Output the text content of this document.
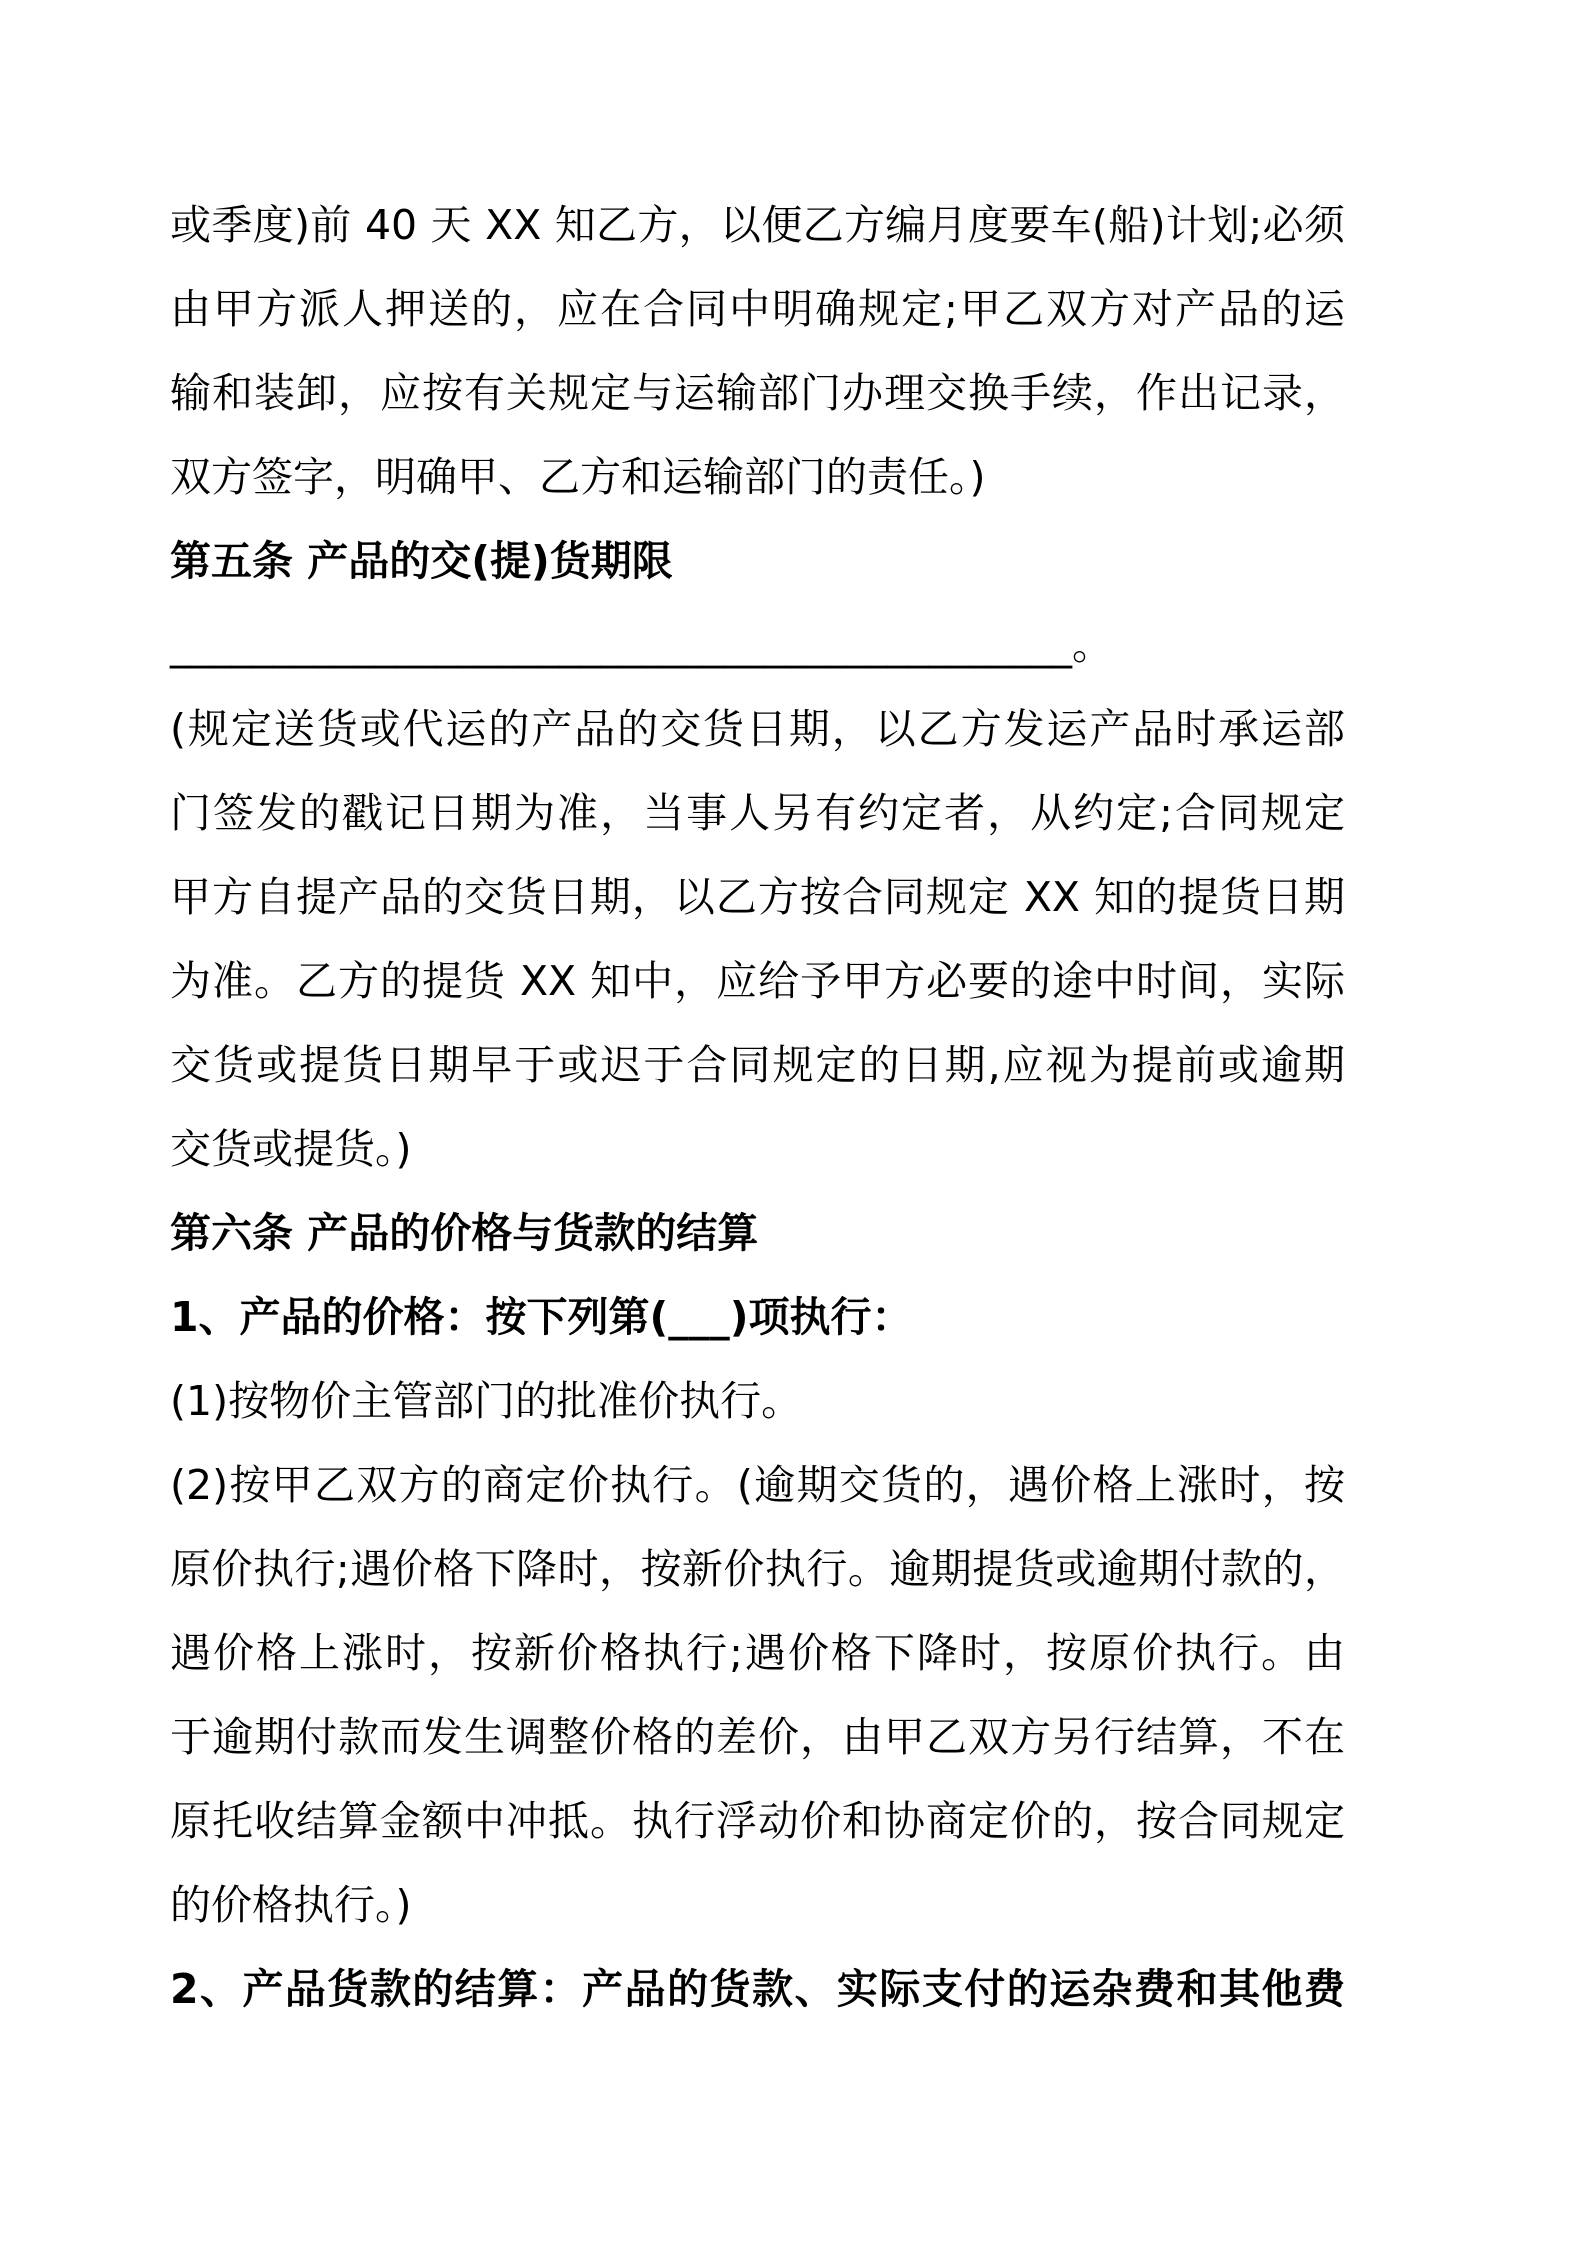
或季度)前 40 天 XX 知乙方，以便乙方编月度要车(船)计划;必须
由甲方派人押送的，应在合同中明确规定;甲乙双方对产品的运
输和装卸，应按有关规定与运输部门办理交换手续，作出记录，
双方签字，明确甲、乙方和运输部门的责任。)
第五条 产品的交(提)货期限
____________________________________________。
(规定送货或代运的产品的交货日期，以乙方发运产品时承运部
门签发的戳记日期为准，当事人另有约定者，从约定;合同规定
甲方自提产品的交货日期，以乙方按合同规定 XX 知的提货日期
为准。乙方的提货 XX 知中，应给予甲方必要的途中时间，实际
交货或提货日期早于或迟于合同规定的日期,应视为提前或逾期
交货或提货。)
第六条 产品的价格与货款的结算
1、产品的价格：按下列第(___)项执行：
(1)按物价主管部门的批准价执行。
(2)按甲乙双方的商定价执行。(逾期交货的，遇价格上涨时，按
原价执行;遇价格下降时，按新价执行。逾期提货或逾期付款的，
遇价格上涨时，按新价格执行;遇价格下降时，按原价执行。由
于逾期付款而发生调整价格的差价，由甲乙双方另行结算，不在
原托收结算金额中冲抵。执行浮动价和协商定价的，按合同规定
的价格执行。)
2、产品货款的结算：产品的货款、实际支付的运杂费和其他费
